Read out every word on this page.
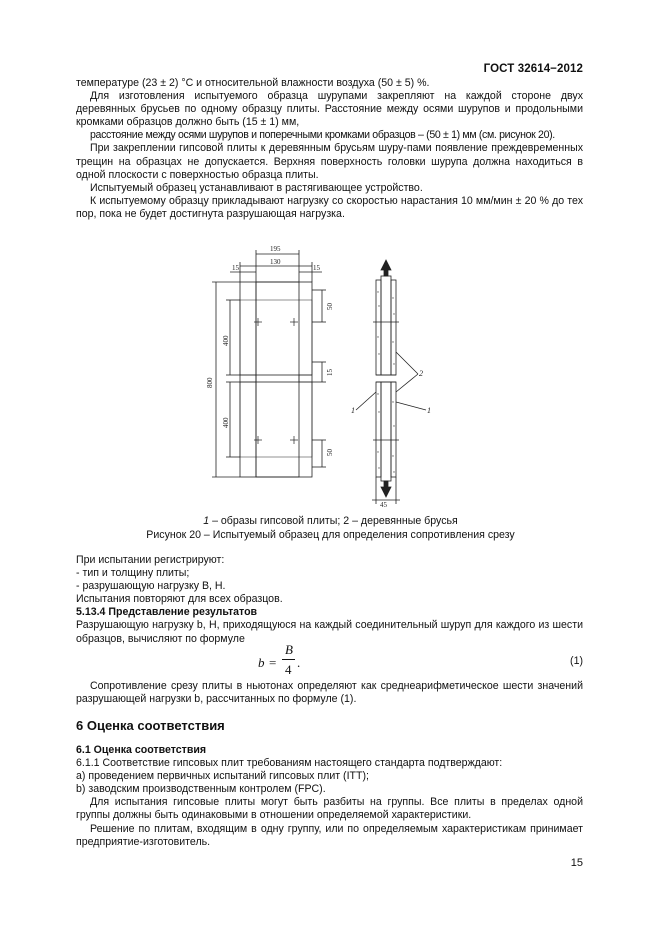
ГОСТ 32614−2012

температуре (23 ± 2) °С и относительной влажности воздуха (50 ± 5) %.

Для изготовления испытуемого образца шурупами закрепляют на каждой стороне двух деревянных брусьев по одному образцу плиты. Расстояние между осями шурупов и продольными кромками образцов должно быть (15 ± 1) мм,

расстояние между осями шурупов и поперечными кромками образцов – (50 ± 1) мм (см. рисунок 20).

При закреплении гипсовой плиты к деревянным брусьям шуру-пами появление преждевременных трещин на образцах не допускается. Верхняя поверхность головки шурупа должна находиться в одной плоскости с поверхностью образца плиты.

Испытуемый образец устанавливают в растягивающее устройство.

К испытуемому образцу прикладывают нагрузку со скоростью нарастания 10 мм/мин ± 20 % до тех пор, пока не будет достигнута разрушающая нагрузка.

195
130
15	15
50
400
800
15
400
50
2
1	1
45
1 – образы гипсовой плиты; 2 – деревянные брусья
Рисунок 20 – Испытуемый образец для определения сопротивления срезу

При испытании регистрируют:

- тип и толщину плиты;

- разрушающую нагрузку B, Н.

Испытания повторяют для всех образцов.

5.13.4 Представление результатов

Разрушающую нагрузку b, Н, приходящуюся на каждый соединительный шуруп для каждого из шести образцов, вычисляют по формуле

b =
B
4 .	(1)

Сопротивление срезу плиты в ньютонах определяют как среднеарифметическое шести значений разрушающей нагрузки b, рассчитанных по формуле (1).

6 Оценка соответствия

6.1 Оценка соответствия

6.1.1 Соответствие гипсовых плит требованиям настоящего стандарта подтверждают:

а) проведением первичных испытаний гипсовых плит (ITT);

b) заводским производственным контролем (FPC).

Для испытания гипсовые плиты могут быть разбиты на группы. Все плиты в пределах одной группы должны быть одинаковыми в отношении определяемой характеристики.

Решение по плитам, входящим в одну группу, или по определяемым характеристикам принимает предприятие-изготовитель.

15
